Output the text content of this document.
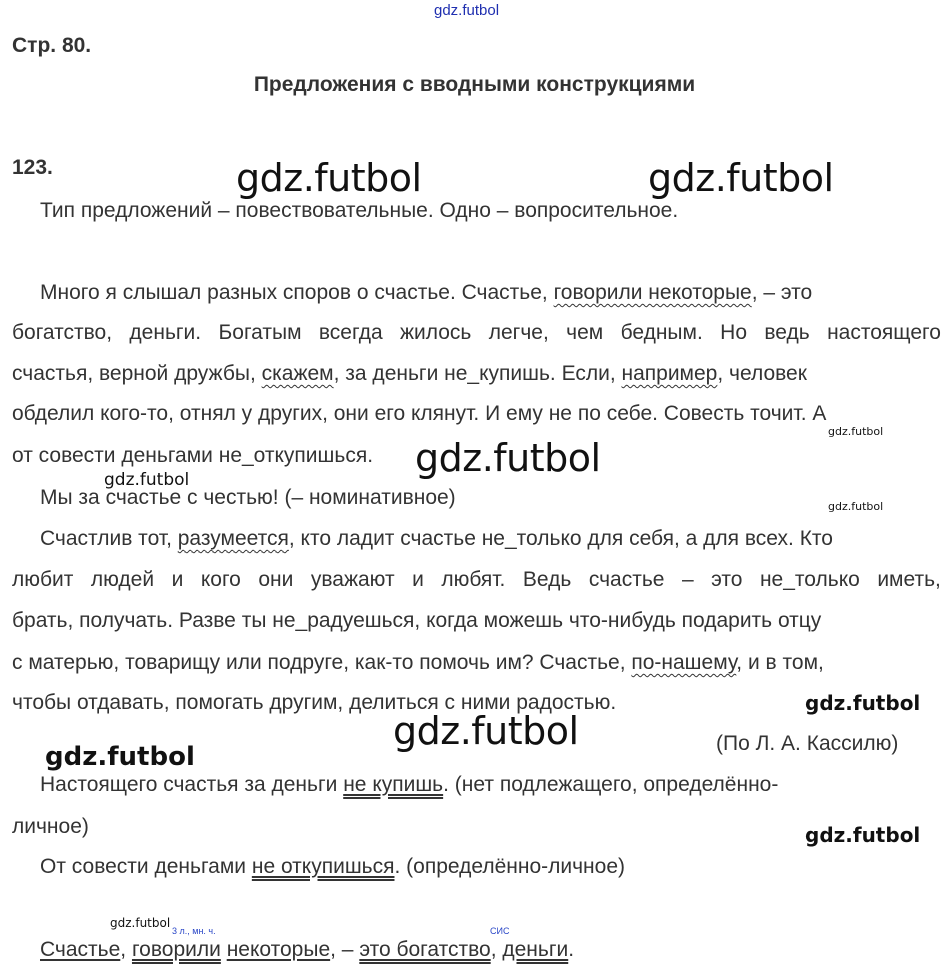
gdz.futbol
Стр. 80.
Предложения с вводными конструкциями
123.	gdz.futbol	gdz.futbol
Тип предложений – повествовательные. Одно – вопросительное.
Много я слышал разных споров о счастье. Счастье, говорили некоторые, – это
богатство, деньги. Богатым всегда жилось легче, чем бедным. Но ведь настоящего
счастья, верной дружбы, скажем, за деньги не_купишь. Если, например, человек
обделил кого-то, отнял у других, они его клянут. И ему не по себе. Совесть точит. А
gdz.futbol
от совести деньгами не_откупишься. gdz.futbol
gdz.futbol
Мы за счастье с честью! (– номинативное)	gdz.futbol
Счастлив тот, разумеется, кто ладит счастье не_только для себя, а для всех. Кто
любит людей и кого они уважают и любят. Ведь счастье – это не_только иметь,
брать, получать. Разве ты не_радуешься, когда можешь что-нибудь подарить отцу
с матерью, товарищу или подруге, как-то помочь им? Счастье, по-нашему, и в том,
чтобы отдавать, помогать другим, делиться с ними радостью.	gdz.futbol
gdz.futbol	(По Л. А. Кассилю)
gdz.futbol
Настоящего счастья за деньги не купишь. (нет подлежащего, определённо-
личное)	gdz.futbol
От совести деньгами не откупишься. (определённо-личное)
gdz.futbol
3 л., мн. ч.	СИС
Счастье, говорили некоторые, – это богатство, деньги.
